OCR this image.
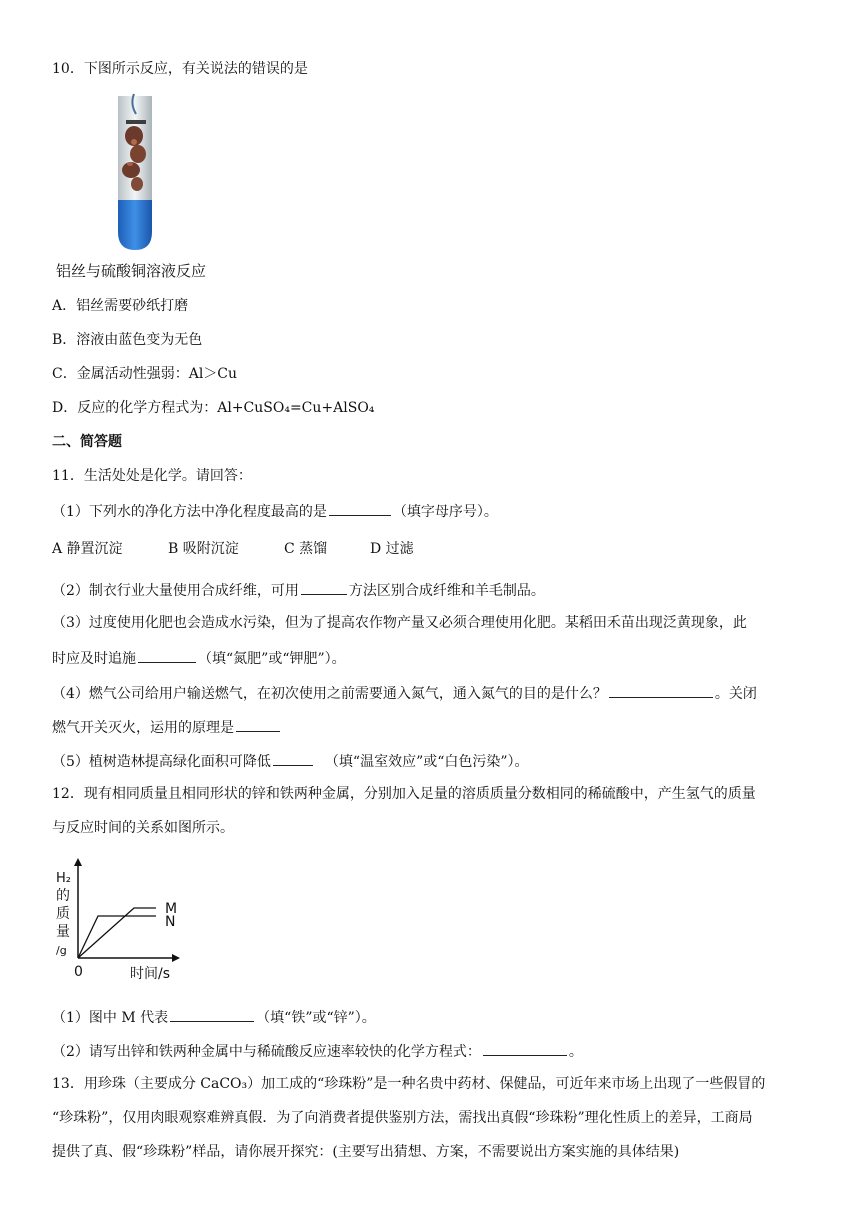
10．下图所示反应，有关说法的错误的是
铝丝与硫酸铜溶液反应
A．铝丝需要砂纸打磨
B．溶液由蓝色变为无色
C．金属活动性强弱：Al＞Cu
D．反应的化学方程式为：Al+CuSO₄=Cu+AlSO₄
二、简答题
11．生活处处是化学。请回答：
（1）下列水的净化方法中净化程度最高的是	（填字母序号）。
A 静置沉淀	B 吸附沉淀	C 蒸馏	D 过滤
（2）制衣行业大量使用合成纤维，可用	方法区别合成纤维和羊毛制品。
（3）过度使用化肥也会造成水污染，但为了提高农作物产量又必须合理使用化肥。某稻田禾苗出现泛黄现象，此
时应及时追施	（填“氮肥”或“钾肥”）。
（4）燃气公司给用户输送燃气，在初次使用之前需要通入氮气，通入氮气的目的是什么？	。关闭
燃气开关灭火，运用的原理是
（5）植树造林提高绿化面积可降低	（填“温室效应”或“白色污染”）。
12．现有相同质量且相同形状的锌和铁两种金属，分别加入足量的溶质质量分数相同的稀硫酸中，产生氢气的质量
与反应时间的关系如图所示。
M
N
H₂
的
质
量
/g
0	时间/s
（1）图中 M 代表	（填“铁”或“锌”）。
（2）请写出锌和铁两种金属中与稀硫酸反应速率较快的化学方程式：	。
13．用珍珠（主要成分 CaCO₃）加工成的“珍珠粉”是一种名贵中药材、保健品，可近年来市场上出现了一些假冒的
“珍珠粉”，仅用肉眼观察难辨真假．为了向消费者提供鉴别方法，需找出真假“珍珠粉”理化性质上的差异，工商局
提供了真、假“珍珠粉”样品，请你展开探究：(主要写出猜想、方案，不需要说出方案实施的具体结果)
